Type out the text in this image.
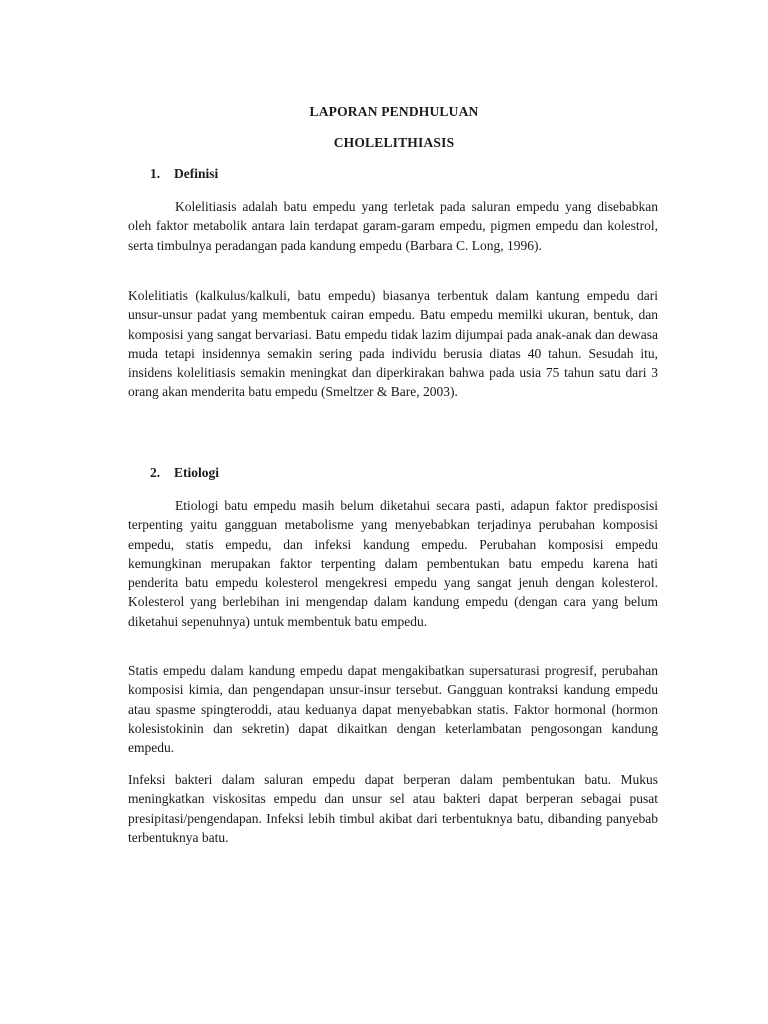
LAPORAN PENDHULUAN
CHOLELITHIASIS
1. Definisi

Kolelitiasis adalah batu empedu yang terletak pada saluran empedu yang disebabkan oleh faktor metabolik antara lain terdapat garam-garam empedu, pigmen empedu dan kolestrol, serta timbulnya peradangan pada kandung empedu (Barbara C. Long, 1996).

Kolelitiatis (kalkulus/kalkuli, batu empedu) biasanya terbentuk dalam kantung empedu dari unsur-unsur padat yang membentuk cairan empedu. Batu empedu memilki ukuran, bentuk, dan komposisi yang sangat bervariasi. Batu empedu tidak lazim dijumpai pada anak-anak dan dewasa muda tetapi insidennya semakin sering pada individu berusia diatas 40 tahun. Sesudah itu, insidens kolelitiasis semakin meningkat dan diperkirakan bahwa pada usia 75 tahun satu dari 3 orang akan menderita batu empedu (Smeltzer & Bare, 2003).

2. Etiologi

Etiologi batu empedu masih belum diketahui secara pasti, adapun faktor predisposisi terpenting yaitu gangguan metabolisme yang menyebabkan terjadinya perubahan komposisi empedu, statis empedu, dan infeksi kandung empedu. Perubahan komposisi empedu kemungkinan merupakan faktor terpenting dalam pembentukan batu empedu karena hati penderita batu empedu kolesterol mengekresi empedu yang sangat jenuh dengan kolesterol. Kolesterol yang berlebihan ini mengendap dalam kandung empedu (dengan cara yang belum diketahui sepenuhnya) untuk membentuk batu empedu.

Statis empedu dalam kandung empedu dapat mengakibatkan supersaturasi progresif, perubahan komposisi kimia, dan pengendapan unsur-insur tersebut. Gangguan kontraksi kandung empedu atau spasme spingteroddi, atau keduanya dapat menyebabkan statis. Faktor hormonal (hormon kolesistokinin dan sekretin) dapat dikaitkan dengan keterlambatan pengosongan kandung empedu.

Infeksi bakteri dalam saluran empedu dapat berperan dalam pembentukan batu. Mukus meningkatkan viskositas empedu dan unsur sel atau bakteri dapat berperan sebagai pusat presipitasi/pengendapan. Infeksi lebih timbul akibat dari terbentuknya batu, dibanding panyebab terbentuknya batu.
